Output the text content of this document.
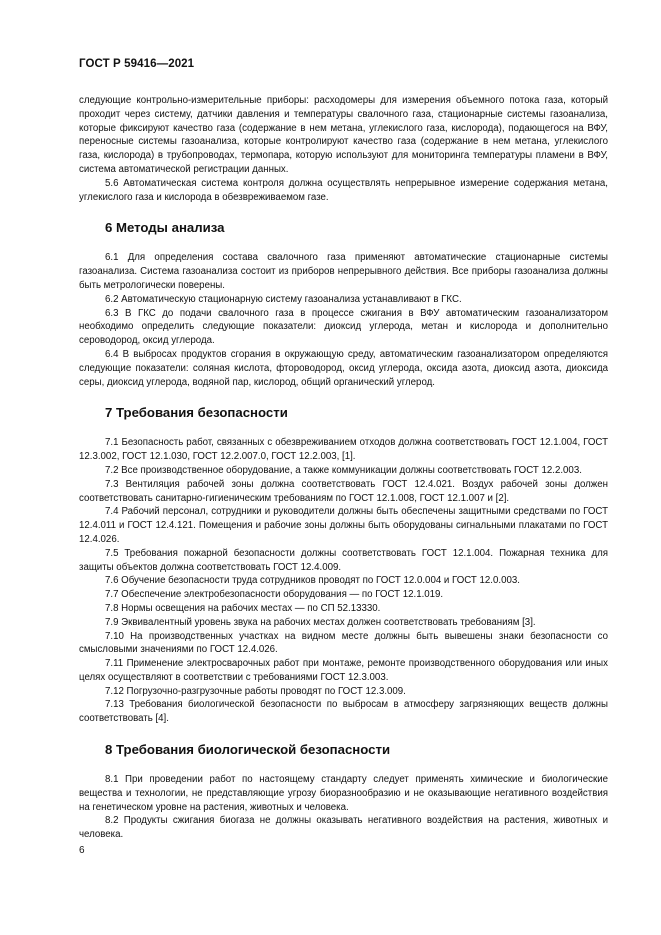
ГОСТ Р 59416—2021

следующие контрольно-измерительные приборы: расходомеры для измерения объемного потока газа, который проходит через систему, датчики давления и температуры свалочного газа, стационарные системы газоанализа, которые фиксируют качество газа (содержание в нем метана, углекислого газа, кислорода), подающегося на ВФУ, переносные системы газоанализа, которые контролируют качество газа (содержание в нем метана, углекислого газа, кислорода) в трубопроводах, термопара, которую используют для мониторинга температуры пламени в ВФУ, система автоматической регистрации данных.

5.6 Автоматическая система контроля должна осуществлять непрерывное измерение содержания метана, углекислого газа и кислорода в обезвреживаемом газе.

6 Методы анализа

6.1 Для определения состава свалочного газа применяют автоматические стационарные системы газоанализа. Система газоанализа состоит из приборов непрерывного действия. Все приборы газоанализа должны быть метрологически поверены.

6.2 Автоматическую стационарную систему газоанализа устанавливают в ГКС.

6.3 В ГКС до подачи свалочного газа в процессе сжигания в ВФУ автоматическим газоанализатором необходимо определить следующие показатели: диоксид углерода, метан и кислорода и дополнительно сероводород, оксид углерода.

6.4 В выбросах продуктов сгорания в окружающую среду, автоматическим газоанализатором определяются следующие показатели: соляная кислота, фтороводород, оксид углерода, оксида азота, диоксид азота, диоксида серы, диоксид углерода, водяной пар, кислород, общий органический углерод.

7 Требования безопасности

7.1 Безопасность работ, связанных с обезвреживанием отходов должна соответствовать ГОСТ 12.1.004, ГОСТ 12.3.002, ГОСТ 12.1.030, ГОСТ 12.2.007.0, ГОСТ 12.2.003, [1].

7.2 Все производственное оборудование, а также коммуникации должны соответствовать ГОСТ 12.2.003.

7.3 Вентиляция рабочей зоны должна соответствовать ГОСТ 12.4.021. Воздух рабочей зоны должен соответствовать санитарно-гигиеническим требованиям по ГОСТ 12.1.008, ГОСТ 12.1.007 и [2].

7.4 Рабочий персонал, сотрудники и руководители должны быть обеспечены защитными средствами по ГОСТ 12.4.011 и ГОСТ 12.4.121. Помещения и рабочие зоны должны быть оборудованы сигнальными плакатами по ГОСТ 12.4.026.

7.5 Требования пожарной безопасности должны соответствовать ГОСТ 12.1.004. Пожарная техника для защиты объектов должна соответствовать ГОСТ 12.4.009.

7.6 Обучение безопасности труда сотрудников проводят по ГОСТ 12.0.004 и ГОСТ 12.0.003.

7.7 Обеспечение электробезопасности оборудования — по ГОСТ 12.1.019.

7.8 Нормы освещения на рабочих местах — по СП 52.13330.

7.9 Эквивалентный уровень звука на рабочих местах должен соответствовать требованиям [3].

7.10 На производственных участках на видном месте должны быть вывешены знаки безопасности со смысловыми значениями по ГОСТ 12.4.026.

7.11 Применение электросварочных работ при монтаже, ремонте производственного оборудования или иных целях осуществляют в соответствии с требованиями ГОСТ 12.3.003.

7.12 Погрузочно-разгрузочные работы проводят по ГОСТ 12.3.009.

7.13 Требования биологической безопасности по выбросам в атмосферу загрязняющих веществ должны соответствовать [4].

8 Требования биологической безопасности

8.1 При проведении работ по настоящему стандарту следует применять химические и биологические вещества и технологии, не представляющие угрозу биоразнообразию и не оказывающие негативного воздействия на генетическом уровне на растения, животных и человека.

8.2 Продукты сжигания биогаза не должны оказывать негативного воздействия на растения, животных и человека.

6
